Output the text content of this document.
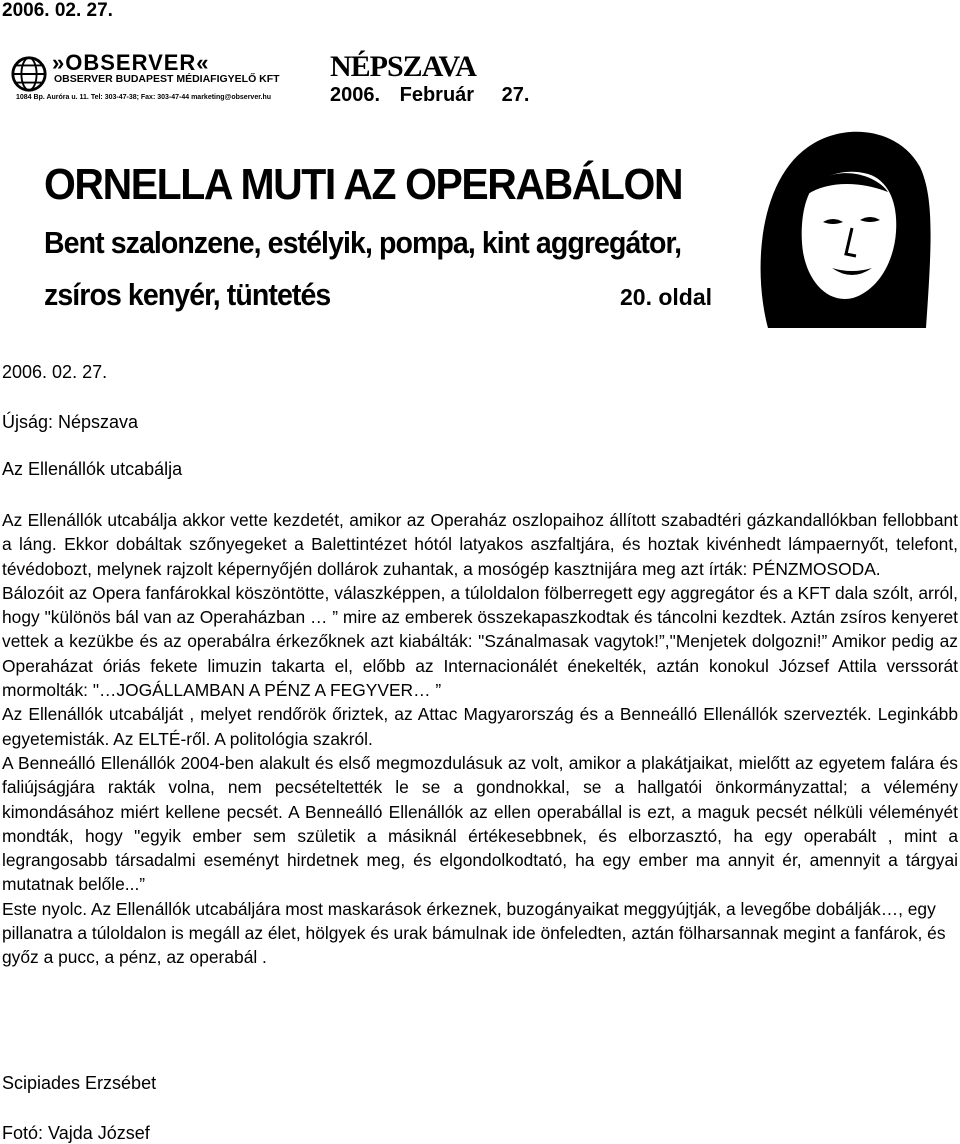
2006. 02. 27.
»OBSERVER«
OBSERVER BUDAPEST MÉDIAFIGYELŐ KFT
1084 Bp. Auróra u. 11. Tel: 303-47-38; Fax: 303-47-44 marketing@observer.hu
NÉPSZAVA
2006. Február 27.
ORNELLA MUTI AZ OPERABÁLON
Bent szalonzene, estélyik, pompa, kint aggregátor,
zsíros kenyér, tüntetés	20. oldal
2006. 02. 27.
Újság: Népszava
Az Ellenállók utcabálja

Az Ellenállók utcabálja akkor vette kezdetét, amikor az Operaház oszlopaihoz állított szabadtéri gázkandallókban fellobbant a láng. Ekkor dobáltak szőnyegeket a Balettintézet hótól latyakos aszfaltjára, és hoztak kivénhedt lámpaernyőt, telefont, tévédobozt, melynek rajzolt képernyőjén dollárok zuhantak, a mosógép kasztnijára meg azt írták: PÉNZMOSODA.

Bálozóit az Opera fanfárokkal köszöntötte, válaszképpen, a túloldalon fölberregett egy aggregátor és a KFT dala szólt, arról, hogy "különös bál van az Operaházban … ” mire az emberek összekapaszkodtak és táncolni kezdtek. Aztán zsíros kenyeret vettek a kezükbe és az operabálra érkezőknek azt kiabálták: "Szánalmasak vagytok!”,"Menjetek dolgozni!” Amikor pedig az Operaházat óriás fekete limuzin takarta el, előbb az Internacionálét énekelték, aztán konokul József Attila verssorát mormolták: "…JOGÁLLAMBAN A PÉNZ A FEGYVER… ”

Az Ellenállók utcabálját , melyet rendőrök őriztek, az Attac Magyarország és a Benneálló Ellenállók szervezték. Leginkább egyetemisták. Az ELTÉ-ről. A politológia szakról.

A Benneálló Ellenállók 2004-ben alakult és első megmozdulásuk az volt, amikor a plakátjaikat, mielőtt az egyetem falára és faliújságjára rakták volna, nem pecsételtették le se a gondnokkal, se a hallgatói önkormányzattal; a vélemény kimondásához miért kellene pecsét. A Benneálló Ellenállók az ellen operabállal is ezt, a maguk pecsét nélküli véleményét mondták, hogy "egyik ember sem születik a másiknál értékesebbnek, és elborzasztó, ha egy operabált , mint a legrangosabb társadalmi eseményt hirdetnek meg, és elgondolkodtató, ha egy ember ma annyit ér, amennyit a tárgyai mutatnak belőle...”

Este nyolc. Az Ellenállók utcabáljára most maskarások érkeznek, buzogányaikat meggyújtják, a levegőbe dobálják…, egy pillanatra a túloldalon is megáll az élet, hölgyek és urak bámulnak ide önfeledten, aztán fölharsannak megint a fanfárok, és győz a pucc, a pénz, az operabál .

Scipiades Erzsébet
Fotó: Vajda József
